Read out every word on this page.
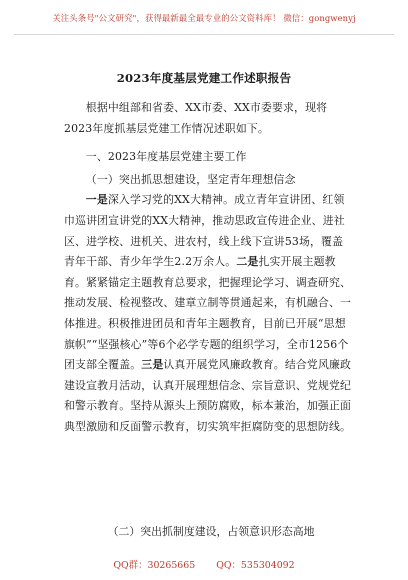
关注头条号"公文研究"，获得最新最全最专业的公文资料库！ 微信：gongwenyj
2023年度基层党建工作述职报告

根据中组部和省委、XX市委、XX市委要求，现将2023年度抓基层党建工作情况述职如下。

一、2023年度基层党建主要工作

（一）突出抓思想建设，坚定青年理想信念

一是深入学习党的XX大精神。成立青年宣讲团、红领巾巡讲团宣讲党的XX大精神，推动思政宣传进企业、进社区、进学校、进机关、进农村，线上线下宣讲53场，覆盖青年干部、青少年学生2.2万余人。二是扎实开展主题教育。紧紧锚定主题教育总要求，把握理论学习、调查研究、推动发展、检视整改、建章立制等贯通起来，有机融合、一体推进。积极推进团员和青年主题教育，目前已开展“思想旗帜”“坚强核心”等6个必学专题的组织学习，全市1256个团支部全覆盖。三是认真开展党风廉政教育。结合党风廉政建设宣教月活动，认真开展理想信念、宗旨意识、党规党纪和警示教育。坚持从源头上预防腐败，标本兼治，加强正面典型激励和反面警示教育，切实筑牢拒腐防变的思想防线。

（二）突出抓制度建设，占领意识形态高地
QQ群：30265665 QQ：535304092
